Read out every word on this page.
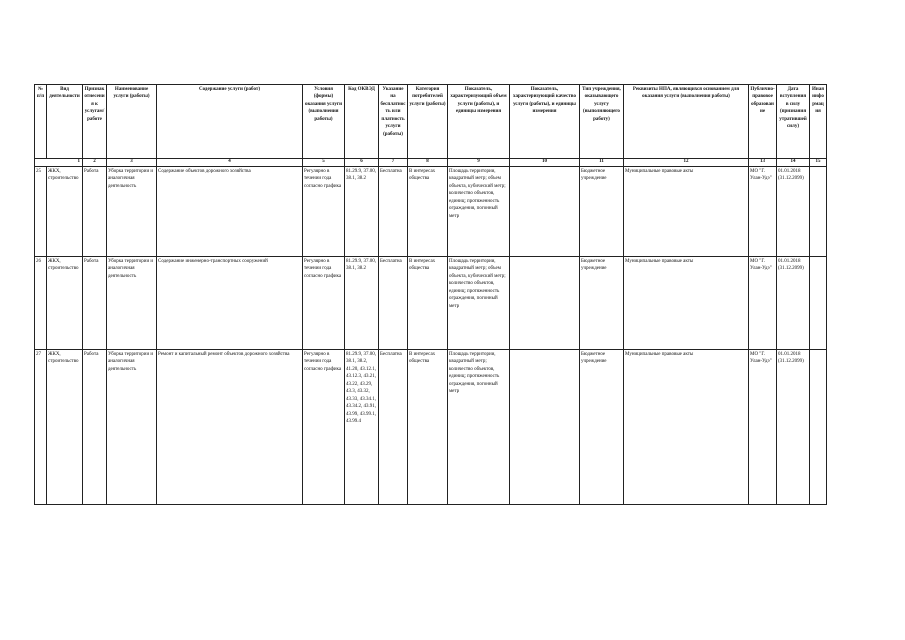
№ п/п	Вид деятельности	Признак отнесения к услугам/работе	Наименование услуги (работы)	Содержание услуги (работ)	Условия (формы) оказания услуги (выполнения работы)	Код ОКВЭД	Указание на бесплатность или платность услуги (работы)	Категория потребителей услуги (работы)	Показатель, характеризующий объем услуги (работы), и единицы измерения	Показатель, характеризующий качество услуги (работы), и единицы измерения	Тип учреждения, оказывающего услугу (выполняющего работу)	Реквизиты НПА, являющихся основанием для оказания услуги (выполнения работы)	Публично-правовое образование	Дата вступления в силу (признания утратившей силу)	Иная информация
1		2	3	4	5	6	7	8	9	10	11	12	13	14	15
25	ЖКХ, строительство	Работа	Уборка территории и аналогичная деятельность	Содержание объектов дорожного хозяйства	Регулярно в течении года согласно графика	81.29.9, 37.00, 38.1, 38.2	Бесплатна	В интересах общества	Площадь территории, квадратный метр; объем объекта, кубический метр; количество объектов, единиц; протяженность ограждения, погонный метр		Бюджетное учреждение	Муниципальные правовые акты	МО "Г. Улан-Удэ"	01.01.2018 (31.12.2099)	
26	ЖКХ, строительство	Работа	Уборка территории и аналогичная деятельность	Содержание инженерно-транспортных сооружений	Регулярно в течении года согласно графика	81.29.9, 37.00, 38.1, 38.2	Бесплатна	В интересах общества	Площадь территории, квадратный метр; объем объекта, кубический метр; количество объектов, единиц; протяженность ограждения, погонный метр		Бюджетное учреждение	Муниципальные правовые акты	МО "Г. Улан-Удэ"	01.01.2018 (31.12.2099)	
27	ЖКХ, строительство	Работа	Уборка территории и аналогичная деятельность	Ремонт и капитальный ремонт объектов дорожного хозяйства	Регулярно в течении года согласно графика	81.29.9, 37.00, 38.1, 38.2, 41.20, 43.12.1, 43.12.3, 43.21, 43.22, 43.29, 43.3, 43.32, 43.33, 43.34.1, 43.34.2, 43.91, 43.99, 43.99.1, 43.99.4	Бесплатна	В интересах общества	Площадь территории, квадратный метр; количество объектов, единиц; протяженность ограждения, погонный метр		Бюджетное учреждение	Муниципальные правовые акты	МО "Г. Улан-Удэ"	01.01.2018 (31.12.2099)	
